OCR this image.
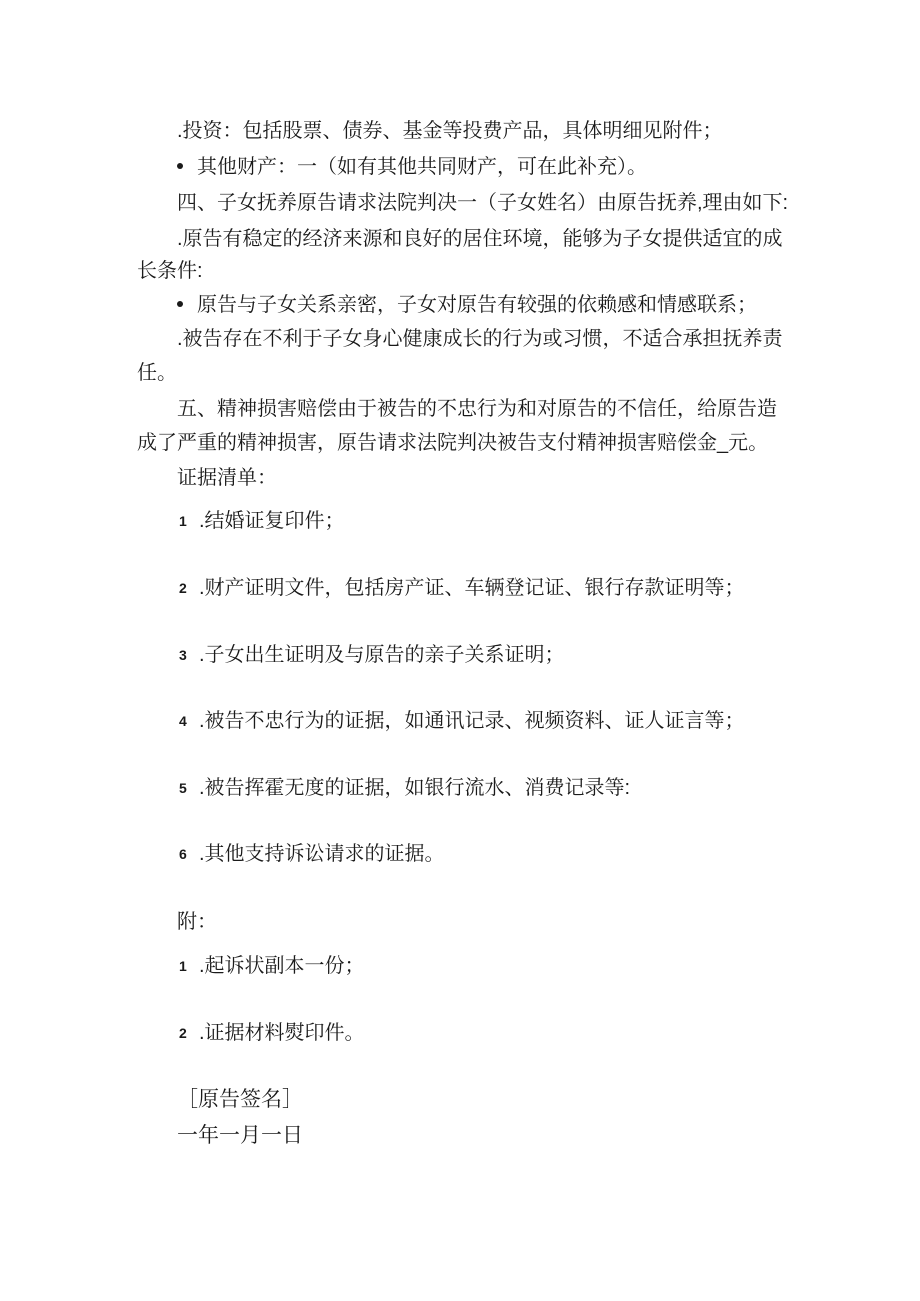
.投资：包括股票、债券、基金等投费产品，具体明细见附件；
其他财产：一（如有其他共同财产，可在此补充）。
四、子女抚养原告请求法院判决一（子女姓名）由原告抚养,理由如下:
.原告有稳定的经济来源和良好的居住环境，能够为子女提供适宜的成
长条件:
原告与子女关系亲密，子女对原告有较强的依赖感和情感联系；
.被告存在不利于子女身心健康成长的行为或习惯，不适合承担抚养责
任。
五、精神损害赔偿由于被告的不忠行为和对原告的不信任，给原告造
成了严重的精神损害，原告请求法院判决被告支付精神损害赔偿金_元。
证据清单：
1 .结婚证复印件；
2 .财产证明文件，包括房产证、车辆登记证、银行存款证明等；
3 .子女出生证明及与原告的亲子关系证明；
4 .被告不忠行为的证据，如通讯记录、视频资料、证人证言等；
5 .被告挥霍无度的证据，如银行流水、消费记录等:
6 .其他支持诉讼请求的证据。
附：
1 .起诉状副本一份；
2 .证据材料熨印件。
［原告签名］
一年一月一日
